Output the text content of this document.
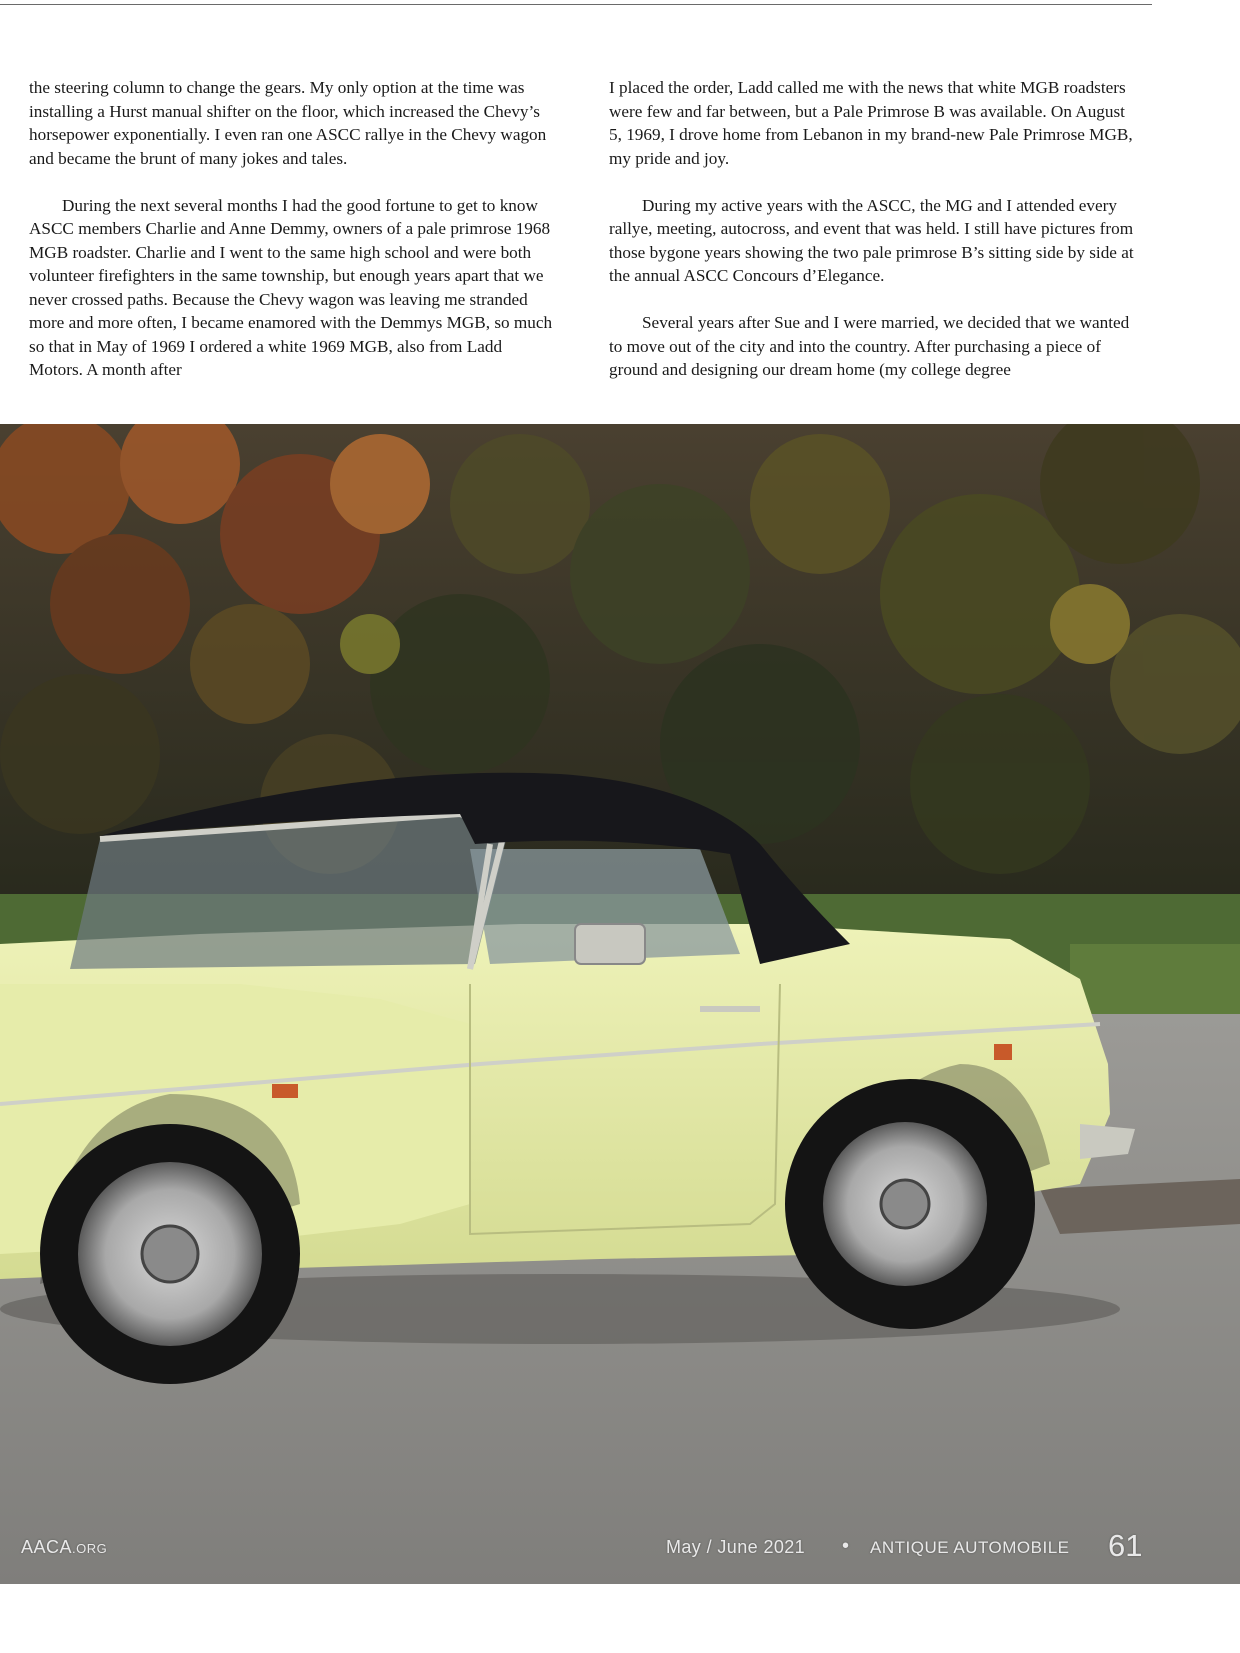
the steering column to change the gears. My only option at the time was installing a Hurst manual shifter on the floor, which increased the Chevy’s horsepower exponentially. I even ran one ASCC rallye in the Chevy wagon and became the brunt of many jokes and tales.

During the next several months I had the good fortune to get to know ASCC members Charlie and Anne Demmy, owners of a pale primrose 1968 MGB roadster. Charlie and I went to the same high school and were both volunteer firefighters in the same township, but enough years apart that we never crossed paths. Because the Chevy wagon was leaving me stranded more and more often, I became enamored with the Demmys MGB, so much so that in May of 1969 I ordered a white 1969 MGB, also from Ladd Motors. A month after

I placed the order, Ladd called me with the news that white MGB roadsters were few and far between, but a Pale Primrose B was available. On August 5, 1969, I drove home from Lebanon in my brand-new Pale Primrose MGB, my pride and joy.

During my active years with the ASCC, the MG and I attended every rallye, meeting, autocross, and event that was held. I still have pictures from those bygone years showing the two pale primrose B’s sitting side by side at the annual ASCC Concours d’Elegance.

Several years after Sue and I were married, we decided that we wanted to move out of the city and into the country. After purchasing a piece of ground and designing our dream home (my college degree

AACA.ORG	May / June 2021 • ANTIQUE AUTOMOBILE 61
